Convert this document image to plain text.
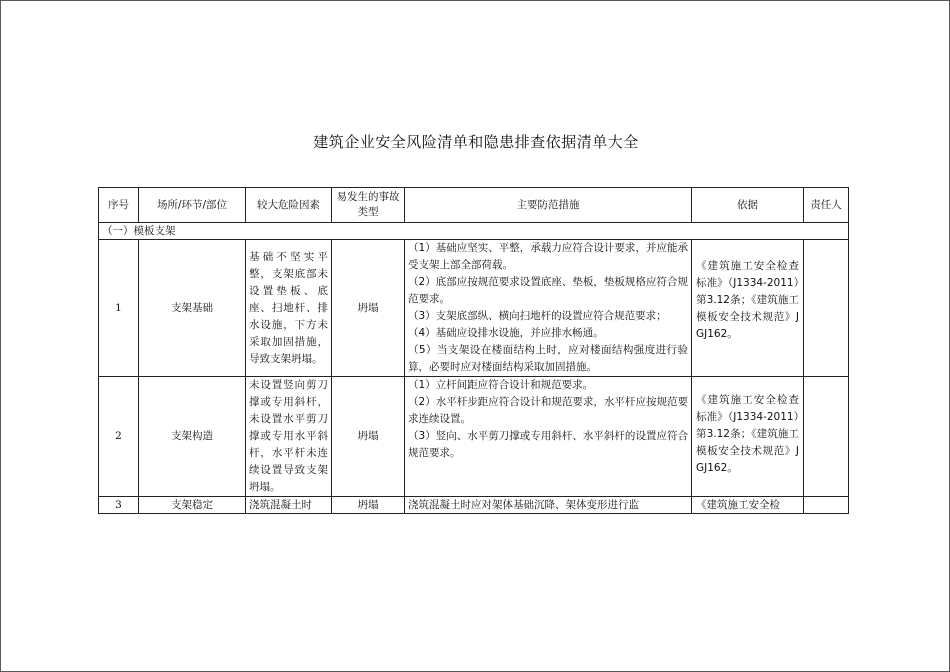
建筑企业安全风险清单和隐患排查依据清单大全
序号	场所/环节/部位	较大危险因素	易发生的事故类型	主要防范措施	依据	责任人
（一）模板支架						
1	支架基础	基础不坚实平整，支架底部未设置垫板、底座、扫地杆、排水设施，下方未采取加固措施，导致支架坍塌。	坍塌	（1）基础应坚实、平整，承载力应符合设计要求，并应能承受支架上部全部荷载。
（2）底部应按规范要求设置底座、垫板，垫板规格应符合规范要求。
（3）支架底部纵、横向扫地杆的设置应符合规范要求；
（4）基础应设排水设施，并应排水畅通。
（5）当支架设在楼面结构上时，应对楼面结构强度进行验算，必要时应对楼面结构采取加固措施。	《建筑施工安全检查标准》（J1334-2011）第3.12条；《建筑施工模板安全技术规范》JGJ162。	
2	支架构造	未设置竖向剪刀撑或专用斜杆，未设置水平剪刀撑或专用水平斜杆，水平杆未连续设置导致支架坍塌。	坍塌	（1）立杆间距应符合设计和规范要求。
（2）水平杆步距应符合设计和规范要求，水平杆应按规范要求连续设置。
（3）竖向、水平剪刀撑或专用斜杆、水平斜杆的设置应符合规范要求。	《建筑施工安全检查标准》（J1334-2011）第3.12条；《建筑施工模板安全技术规范》JGJ162。	
3	支架稳定	浇筑混凝土时	坍塌	浇筑混凝土时应对架体基础沉降、架体变形进行监	《建筑施工安全检	
